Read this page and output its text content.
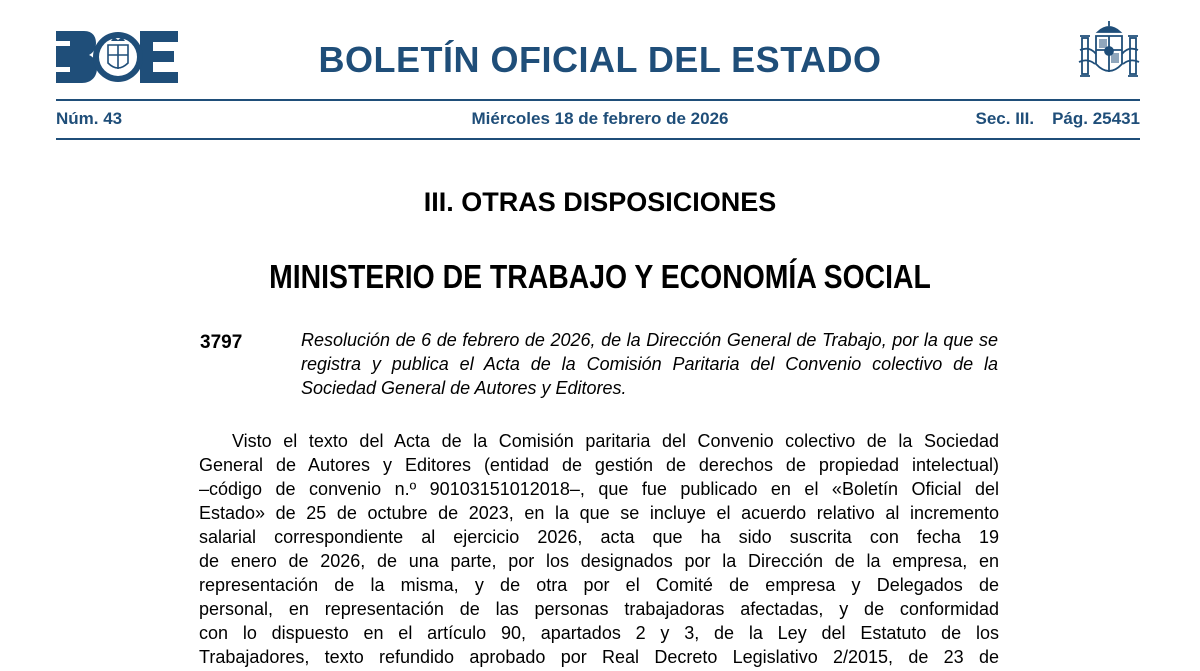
BOLETÍN OFICIAL DEL ESTADO
Núm. 43	Miércoles 18 de febrero de 2026	Sec. III. Pág. 25431
III. OTRAS DISPOSICIONES
MINISTERIO DE TRABAJO Y ECONOMÍA SOCIAL
3797	Resolución de 6 de febrero de 2026, de la Dirección General de Trabajo, por la que se registra y publica el Acta de la Comisión Paritaria del Convenio colectivo de la Sociedad General de Autores y Editores.

Visto el texto del Acta de la Comisión paritaria del Convenio colectivo de la Sociedad
General de Autores y Editores (entidad de gestión de derechos de propiedad intelectual)
–código de convenio n.º 90103151012018–, que fue publicado en el «Boletín Oficial del
Estado» de 25 de octubre de 2023, en la que se incluye el acuerdo relativo al incremento
salarial correspondiente al ejercicio 2026, acta que ha sido suscrita con fecha 19
de enero de 2026, de una parte, por los designados por la Dirección de la empresa, en
representación de la misma, y de otra por el Comité de empresa y Delegados de
personal, en representación de las personas trabajadoras afectadas, y de conformidad
con lo dispuesto en el artículo 90, apartados 2 y 3, de la Ley del Estatuto de los
Trabajadores, texto refundido aprobado por Real Decreto Legislativo 2/2015, de 23 de
